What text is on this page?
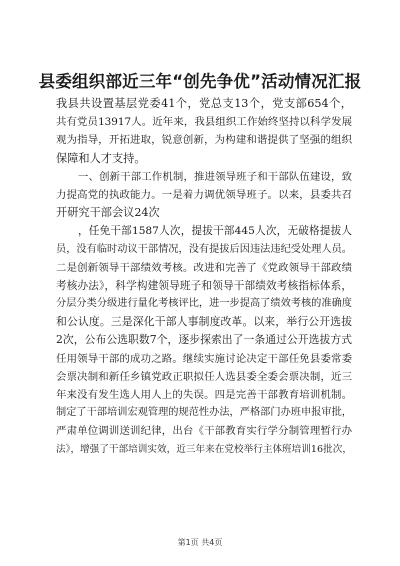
县委组织部近三年“创先争优”活动情况汇报
我县共设置基层党委41个，党总支13个，党支部654个，
共有党员13917人。近年来，我县组织工作始终坚持以科学发展
观为指导，开拓进取，锐意创新，为构建和谐提供了坚强的组织
保障和人才支持。
一、创新干部工作机制，推进领导班子和干部队伍建设，致
力提高党的执政能力。一是着力调优领导班子。以来，县委共召
开研究干部会议24次
，任免干部1587人次，提拔干部445人次，无破格提拔人
员，没有临时动议干部情况，没有提拔后因违法违纪受处理人员。
二是创新领导干部绩效考核。改进和完善了《党政领导干部政绩
考核办法》，科学构建领导班子和领导干部绩效考核指标体系，
分层分类分级进行量化考核评比，进一步提高了绩效考核的准确度
和公认度。三是深化干部人事制度改革。以来，举行公开选拔
2次，公布公选职数7个，逐步探索出了一条通过公开选拔方式
任用领导干部的成功之路。继续实施讨论决定干部任免县委常委
会票决制和新任乡镇党政正职拟任人选县委全委会票决制，近三
年来没有发生选人用人上的失误。四是完善干部教育培训机制。
制定了干部培训宏观管理的规范性办法，严格部门办班申报审批，
严肃单位调训送训纪律，出台《干部教育实行学分制管理暂行办
法》，增强了干部培训实效，近三年来在党校举行主体班培训16批次，
第1页 共4页
